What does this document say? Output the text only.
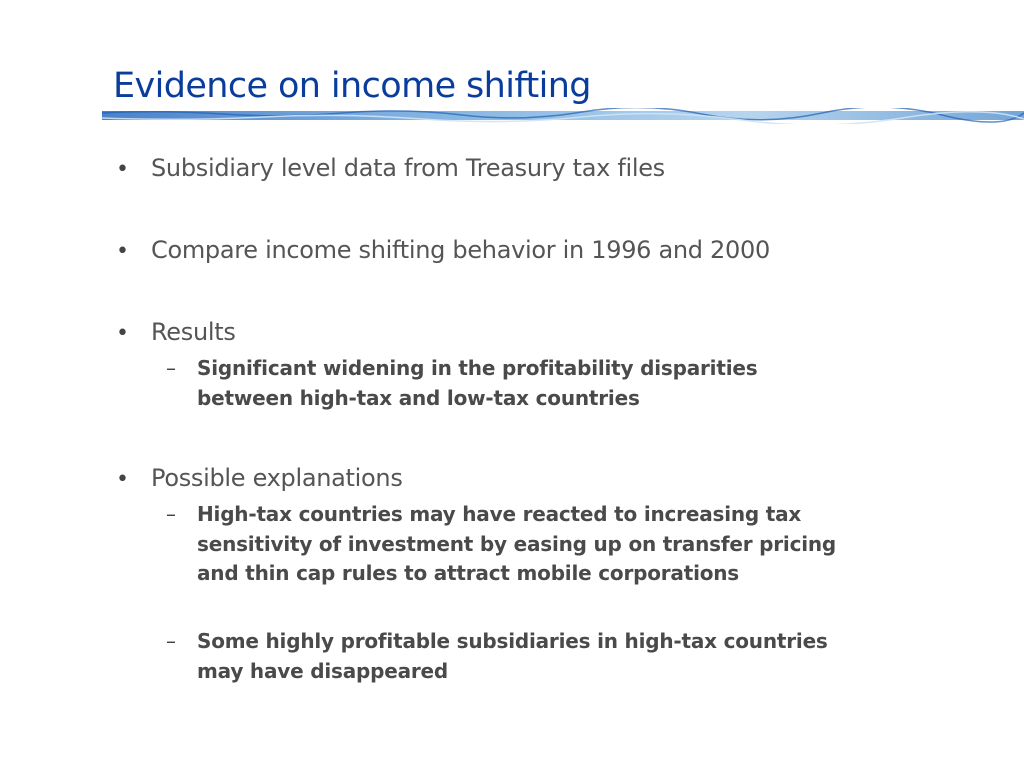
Evidence on income shifting
• Subsidiary level data from Treasury tax files
• Compare income shifting behavior in 1996 and 2000
• Results
– Significant widening in the profitability disparities
between high-tax and low-tax countries
• Possible explanations
– High-tax countries may have reacted to increasing tax
sensitivity of investment by easing up on transfer pricing
and thin cap rules to attract mobile corporations
– Some highly profitable subsidiaries in high-tax countries
may have disappeared
